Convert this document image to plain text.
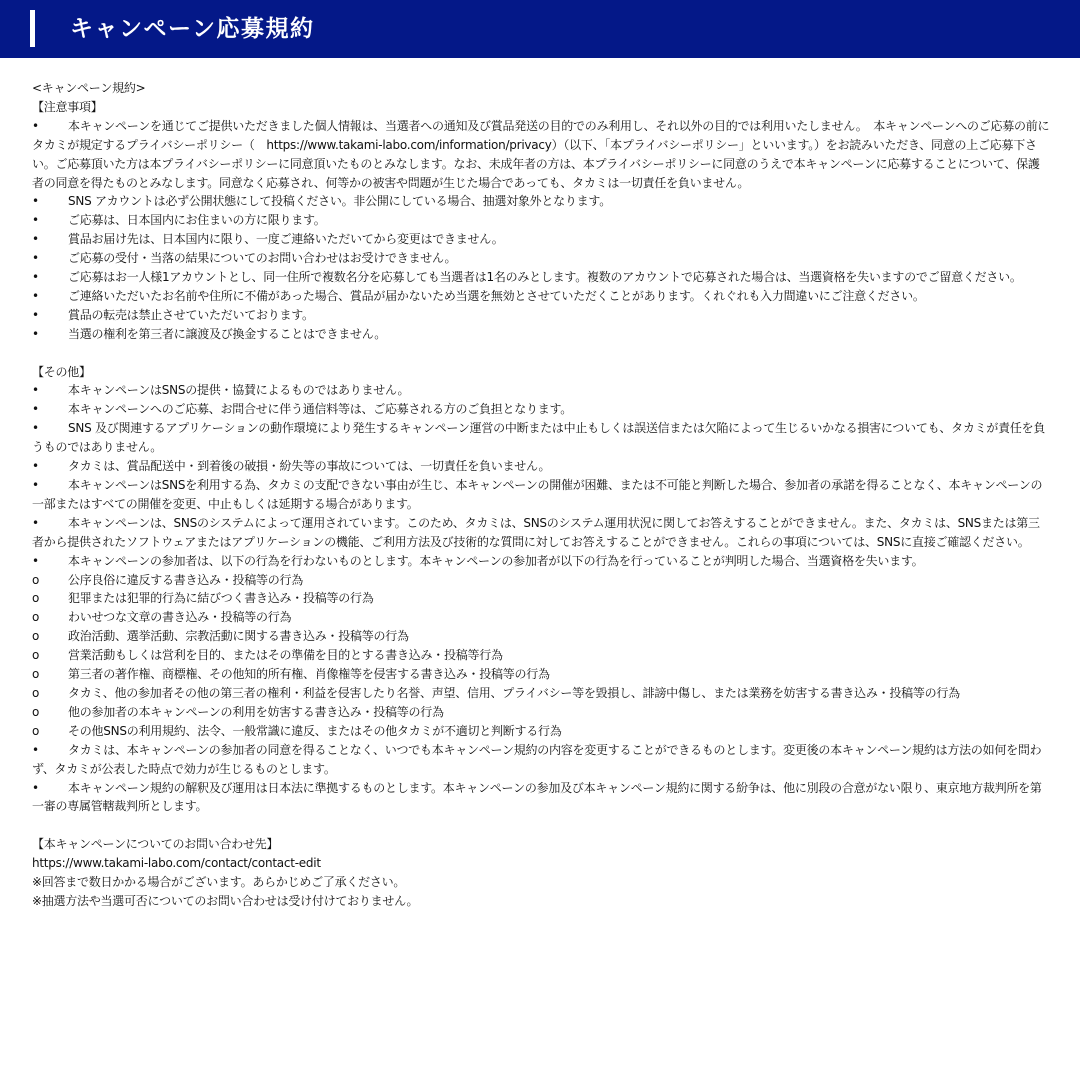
キャンペーン応募規約

<キャンペーン規約>

【注意事項】

• 本キャンペーンを通じてご提供いただきました個人情報は、当選者への通知及び賞品発送の目的でのみ利用し、それ以外の目的では利用いたしません。　本キャンペーンへのご応募の前にタカミが規定するプライバシーポリシー（　https://www.takami-labo.com/information/privacy）（以下、「本プライバシーポリシー」といいます。）をお読みいただき、同意の上ご応募下さい。ご応募頂いた方は本プライバシーポリシーに同意頂いたものとみなします。なお、未成年者の方は、本プライバシーポリシーに同意のうえで本キャンペーンに応募することについて、保護者の同意を得たものとみなします。同意なく応募され、何等かの被害や問題が生じた場合であっても、タカミは一切責任を負いません。
• SNS アカウントは必ず公開状態にして投稿ください。非公開にしている場合、抽選対象外となります。
• ご応募は、日本国内にお住まいの方に限ります。
• 賞品お届け先は、日本国内に限り、一度ご連絡いただいてから変更はできません。
• ご応募の受付・当落の結果についてのお問い合わせはお受けできません。
• ご応募はお一人様1アカウントとし、同一住所で複数名分を応募しても当選者は1名のみとします。複数のアカウントで応募された場合は、当選資格を失いますのでご留意ください。
• ご連絡いただいたお名前や住所に不備があった場合、賞品が届かないため当選を無効とさせていただくことがあります。くれぐれも入力間違いにご注意ください。
• 賞品の転売は禁止させていただいております。
• 当選の権利を第三者に譲渡及び換金することはできません。

【その他】

• 本キャンペーンはSNSの提供・協賛によるものではありません。
• 本キャンペーンへのご応募、お問合せに伴う通信料等は、ご応募される方のご負担となります。
• SNS 及び関連するアプリケーションの動作環境により発生するキャンペーン運営の中断または中止もしくは誤送信または欠陥によって生じるいかなる損害についても、タカミが責任を負うものではありません。
• タカミは、賞品配送中・到着後の破損・紛失等の事故については、一切責任を負いません。
• 本キャンペーンはSNSを利用する為、タカミの支配できない事由が生じ、本キャンペーンの開催が困難、または不可能と判断した場合、参加者の承諾を得ることなく、本キャンペーンの一部またはすべての開催を変更、中止もしくは延期する場合があります。
• 本キャンペーンは、SNSのシステムによって運用されています。このため、タカミは、SNSのシステム運用状況に関してお答えすることができません。また、タカミは、SNSまたは第三者から提供されたソフトウェアまたはアプリケーションの機能、ご利用方法及び技術的な質問に対してお答えすることができません。これらの事項については、SNSに直接ご確認ください。
• 本キャンペーンの参加者は、以下の行為を行わないものとします。本キャンペーンの参加者が以下の行為を行っていることが判明した場合、当選資格を失います。
o 公序良俗に違反する書き込み・投稿等の行為
o 犯罪または犯罪的行為に結びつく書き込み・投稿等の行為
o わいせつな文章の書き込み・投稿等の行為
o 政治活動、選挙活動、宗教活動に関する書き込み・投稿等の行為
o 営業活動もしくは営利を目的、またはその準備を目的とする書き込み・投稿等行為
o 第三者の著作権、商標権、その他知的所有権、肖像権等を侵害する書き込み・投稿等の行為
o タカミ、他の参加者その他の第三者の権利・利益を侵害したり名誉、声望、信用、プライバシー等を毀損し、誹謗中傷し、または業務を妨害する書き込み・投稿等の行為
o 他の参加者の本キャンペーンの利用を妨害する書き込み・投稿等の行為
o その他SNSの利用規約、法令、一般常識に違反、またはその他タカミが不適切と判断する行為
• タカミは、本キャンペーンの参加者の同意を得ることなく、いつでも本キャンペーン規約の内容を変更することができるものとします。変更後の本キャンペーン規約は方法の如何を問わず、タカミが公表した時点で効力が生じるものとします。
• 本キャンペーン規約の解釈及び運用は日本法に準拠するものとします。本キャンペーンの参加及び本キャンペーン規約に関する紛争は、他に別段の合意がない限り、東京地方裁判所を第一審の専属管轄裁判所とします。

【本キャンペーンについてのお問い合わせ先】

https://www.takami-labo.com/contact/contact-edit

※回答まで数日かかる場合がございます。あらかじめご了承ください。

※抽選方法や当選可否についてのお問い合わせは受け付けておりません。
